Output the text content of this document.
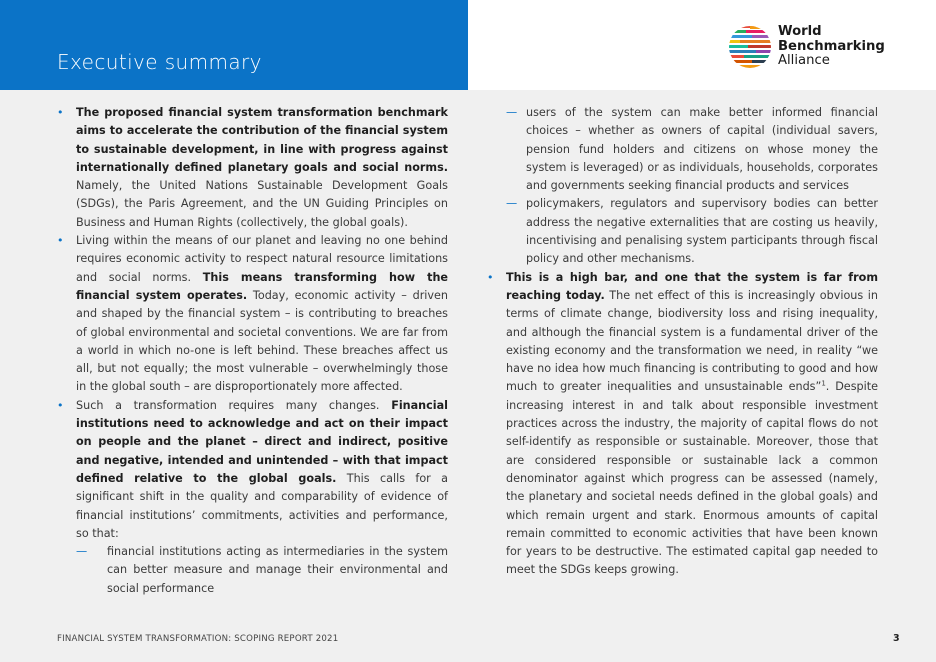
Executive summary
World
Benchmarking
Alliance
• The proposed financial system transformation benchmark aims to accelerate the contribution of the financial system to sustainable development, in line with progress against internationally defined planetary goals and social norms. Namely, the United Nations Sustainable Development Goals (SDGs), the Paris Agreement, and the UN Guiding Principles on Business and Human Rights (collectively, the global goals).
• Living within the means of our planet and leaving no one behind requires economic activity to respect natural resource limitations and social norms. This means transforming how the financial system operates. Today, economic activity – driven and shaped by the financial system – is contributing to breaches of global environmental and societal conventions. We are far from a world in which no-one is left behind. These breaches affect us all, but not equally; the most vulnerable – overwhelmingly those in the global south – are disproportionately more affected.
• Such a transformation requires many changes. Financial institutions need to acknowledge and act on their impact on people and the planet – direct and indirect, positive and negative, intended and unintended – with that impact defined relative to the global goals. This calls for a significant shift in the quality and comparability of evidence of financial institutions’ commitments, activities and performance, so that:
— financial institutions acting as intermediaries in the system can better measure and manage their environmental and social performance
— users of the system can make better informed financial choices – whether as owners of capital (individual savers, pension fund holders and citizens on whose money the system is leveraged) or as individuals, households, corporates and governments seeking financial products and services
— policymakers, regulators and supervisory bodies can better address the negative externalities that are costing us heavily, incentivising and penalising system participants through fiscal policy and other mechanisms.
• This is a high bar, and one that the system is far from reaching today. The net effect of this is increasingly obvious in terms of climate change, biodiversity loss and rising inequality, and although the financial system is a fundamental driver of the existing economy and the transformation we need, in reality “we have no idea how much financing is contributing to good and how much to greater inequalities and unsustainable ends”$^1$. Despite increasing interest in and talk about responsible investment practices across the industry, the majority of capital flows do not self-identify as responsible or sustainable. Moreover, those that are considered responsible or sustainable lack a common denominator against which progress can be assessed (namely, the planetary and societal needs defined in the global goals) and which remain urgent and stark. Enormous amounts of capital remain committed to economic activities that have been known for years to be destructive. The estimated capital gap needed to meet the SDGs keeps growing.
FINANCIAL SYSTEM TRANSFORMATION: SCOPING REPORT 2021	3
